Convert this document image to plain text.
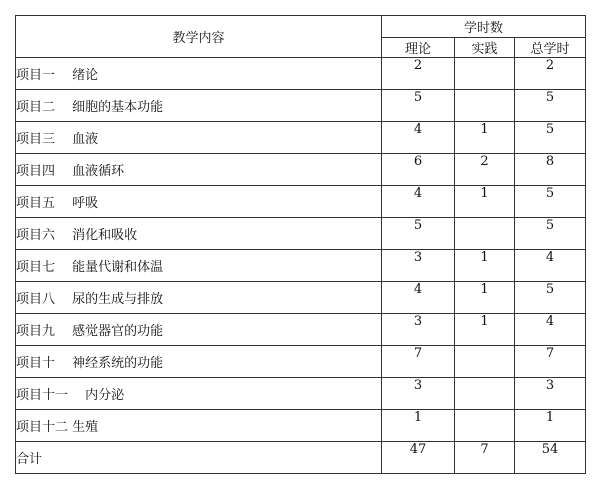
教学内容	学时数		
	理论	实践	总学时
项目一　 绪论	2		2
项目二　 细胞的基本功能	5		5
项目三　 血液	4	1	5
项目四　 血液循环	6	2	8
项目五　 呼吸	4	1	5
项目六　 消化和吸收	5		5
项目七　 能量代谢和体温	3	1	4
项目八　 尿的生成与排放	4	1	5
项目九　 感觉器官的功能	3	1	4
项目十　 神经系统的功能	7		7
项目十一　 内分泌	3		3
项目十二 生殖	1		1
合计	47	7	54
